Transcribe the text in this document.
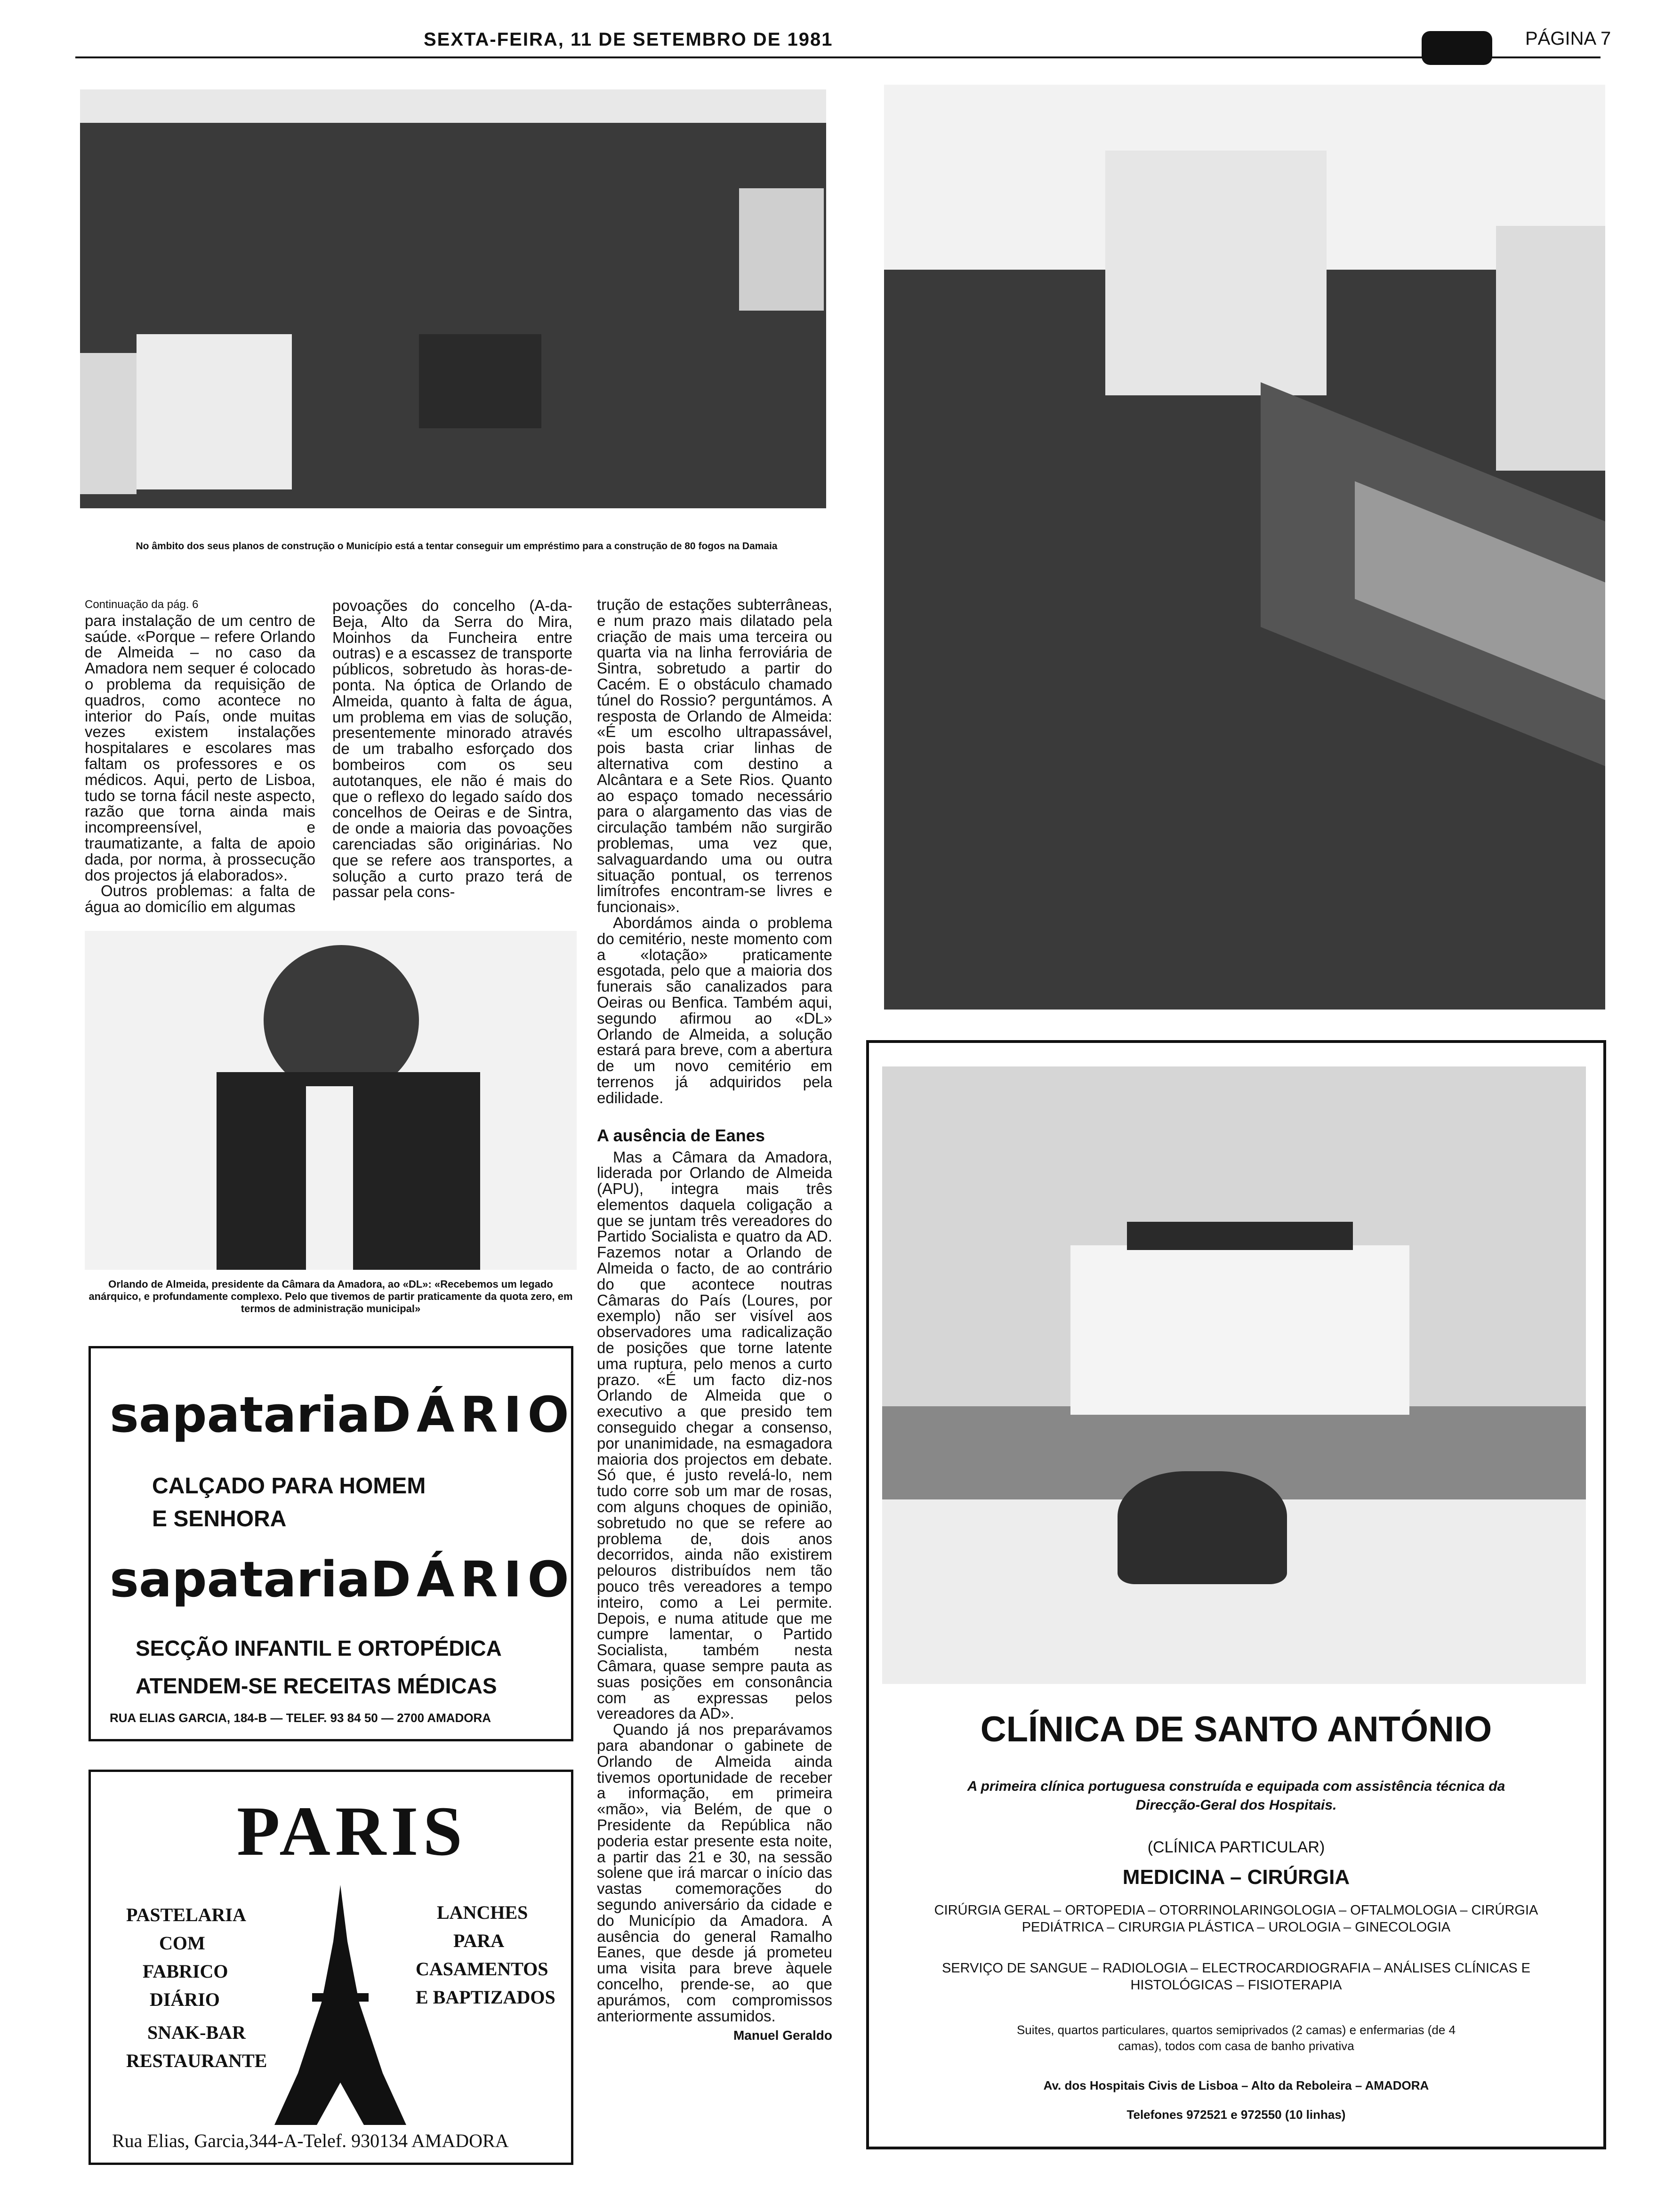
SEXTA-FEIRA, 11 DE SETEMBRO DE 1981	PÁGINA 7
No âmbito dos seus planos de construção o Município está a tentar conseguir um empréstimo para a construção de 80 fogos na Damaia
Continuação da pág. 6

para instalação de um centro de saúde. «Porque – refere Orlando de Almeida – no caso da Amadora nem sequer é colocado o problema da requisição de quadros, como acontece no interior do País, onde muitas vezes existem instalações hospitalares e escolares mas faltam os professores e os médicos. Aqui, perto de Lisboa, tudo se torna fácil neste aspecto, razão que torna ainda mais incompreensível, e traumatizante, a falta de apoio dada, por norma, à prossecução dos projectos já elaborados».

Outros problemas: a falta de água ao domicílio em algumas

povoações do concelho (A-da-Beja, Alto da Serra do Mira, Moinhos da Funcheira entre outras) e a escassez de transporte públicos, sobretudo às horas-de-ponta. Na óptica de Orlando de Almeida, quanto à falta de água, um problema em vias de solução, presentemente minorado através de um trabalho esforçado dos bombeiros com os seu autotanques, ele não é mais do que o reflexo do legado saído dos concelhos de Oeiras e de Sintra, de onde a maioria das povoações carenciadas são originárias. No que se refere aos transportes, a solução a curto prazo terá de passar pela cons-

Orlando de Almeida, presidente da Câmara da Amadora, ao «DL»: «Recebemos um legado anárquico, e profundamente complexo. Pelo que tivemos de partir praticamente da quota zero, em termos de administração municipal»

trução de estações subterrâneas, e num prazo mais dilatado pela criação de mais uma terceira ou quarta via na linha ferroviária de Sintra, sobretudo a partir do Cacém. E o obstáculo chamado túnel do Rossio? perguntámos. A resposta de Orlando de Almeida: «É um escolho ultrapassável, pois basta criar linhas de alternativa com destino a Alcântara e a Sete Rios. Quanto ao espaço tomado necessário para o alargamento das vias de circulação também não surgirão problemas, uma vez que, salvaguardando uma ou outra situação pontual, os terrenos limítrofes encontram-se livres e funcionais».

Abordámos ainda o problema do cemitério, neste momento com a «lotação» praticamente esgotada, pelo que a maioria dos funerais são canalizados para Oeiras ou Benfica. Também aqui, segundo afirmou ao «DL» Orlando de Almeida, a solução estará para breve, com a abertura de um novo cemitério em terrenos já adquiridos pela edilidade.

A ausência de Eanes

Mas a Câmara da Amadora, liderada por Orlando de Almeida (APU), integra mais três elementos daquela coligação a que se juntam três vereadores do Partido Socialista e quatro da AD. Fazemos notar a Orlando de Almeida o facto, de ao contrário do que acontece noutras Câmaras do País (Loures, por exemplo) não ser visível aos observadores uma radicalização de posições que torne latente uma ruptura, pelo menos a curto prazo. «É um facto diz-nos Orlando de Almeida que o executivo a que presido tem conseguido chegar a consenso, por unanimidade, na esmagadora maioria dos projectos em debate. Só que, é justo revelá-lo, nem tudo corre sob um mar de rosas, com alguns choques de opinião, sobretudo no que se refere ao problema de, dois anos decorridos, ainda não existirem pelouros distribuídos nem tão pouco três vereadores a tempo inteiro, como a Lei permite. Depois, e numa atitude que me cumpre lamentar, o Partido Socialista, também nesta Câmara, quase sempre pauta as suas posições em consonância com as expressas pelos vereadores da AD».

Quando já nos preparávamos para abandonar o gabinete de Orlando de Almeida ainda tivemos oportunidade de receber a informação, em primeira «mão», via Belém, de que o Presidente da República não poderia estar presente esta noite, a partir das 21 e 30, na sessão solene que irá marcar o início das vastas comemorações do segundo aniversário da cidade e do Município da Amadora. A ausência do general Ramalho Eanes, que desde já prometeu uma visita para breve àquele concelho, prende-se, ao que apurámos, com compromissos anteriormente assumidos.

Manuel Geraldo
sapatariaDÁRIO
CALÇADO PARA HOMEM
E SENHORA
sapatariaDÁRIO
SECÇÃO INFANTIL E ORTOPÉDICA
ATENDEM-SE RECEITAS MÉDICAS
RUA ELIAS GARCIA, 184-B — TELEF. 93 84 50 — 2700 AMADORA
PARIS
PASTELARIA
COM
FABRICO
DIÁRIO
SNAK-BAR
RESTAURANTE
LANCHES
PARA
CASAMENTOS
E BAPTIZADOS
Rua Elias, Garcia,344-A-Telef. 930134 AMADORA
CLÍNICA DE SANTO ANTÓNIO
A primeira clínica portuguesa construída e equipada com assistência técnica da Direcção-Geral dos Hospitais.
(CLÍNICA PARTICULAR)
MEDICINA – CIRÚRGIA
CIRÚRGIA GERAL – ORTOPEDIA – OTORRINOLARINGOLOGIA – OFTALMOLOGIA – CIRÚRGIA PEDIÁTRICA – CIRURGIA PLÁSTICA – UROLOGIA – GINECOLOGIA
SERVIÇO DE SANGUE – RADIOLOGIA – ELECTROCARDIOGRAFIA – ANÁLISES CLÍNICAS E HISTOLÓGICAS – FISIOTERAPIA
Suites, quartos particulares, quartos semiprivados (2 camas) e enfermarias (de 4 camas), todos com casa de banho privativa
Av. dos Hospitais Civis de Lisboa – Alto da Reboleira – AMADORA
Telefones 972521 e 972550 (10 linhas)
